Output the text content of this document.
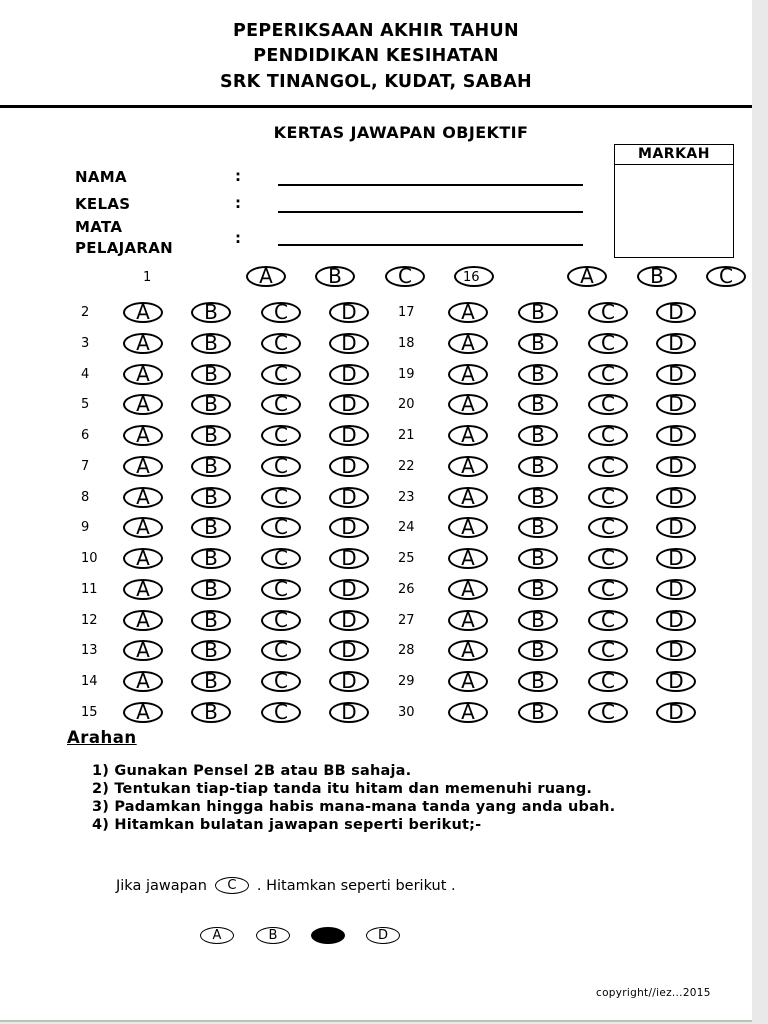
PEPERIKSAAN AKHIR TAHUN
PENDIDIKAN KESIHATAN
SRK TINANGOL, KUDAT, SABAH
KERTAS JAWAPAN OBJEKTIF
NAMA	:
KELAS	:
MATA
PELAJARAN
:
MARKAH
1	A	B	C	16	A	B	C
2 A	B	C	D	17 A	B	C	D
3 A	B	C	D	18 A	B	C	D
4 A	B	C	D	19 A	B	C	D
5 A	B	C	D	20 A	B	C	D
6 A	B	C	D	21 A	B	C	D
7 A	B	C	D	22 A	B	C	D
8 A	B	C	D	23 A	B	C	D
9 A	B	C	D	24 A	B	C	D
10 A	B	C	D	25 A	B	C	D
11 A	B	C	D	26 A	B	C	D
12 A	B	C	D	27 A	B	C	D
13 A	B	C	D	28 A	B	C	D
14 A	B	C	D	29 A	B	C	D
15 A	B	C	D	30 A	B	C	D
Arahan
1) Gunakan Pensel 2B atau BB sahaja.
2) Tentukan tiap-tiap tanda itu hitam dan memenuhi ruang.
3) Padamkan hingga habis mana-mana tanda yang anda ubah.
4) Hitamkan bulatan jawapan seperti berikut;-
Jika jawapan	C	. Hitamkan seperti berikut .
A	B	C	D
copyright//iez...2015
